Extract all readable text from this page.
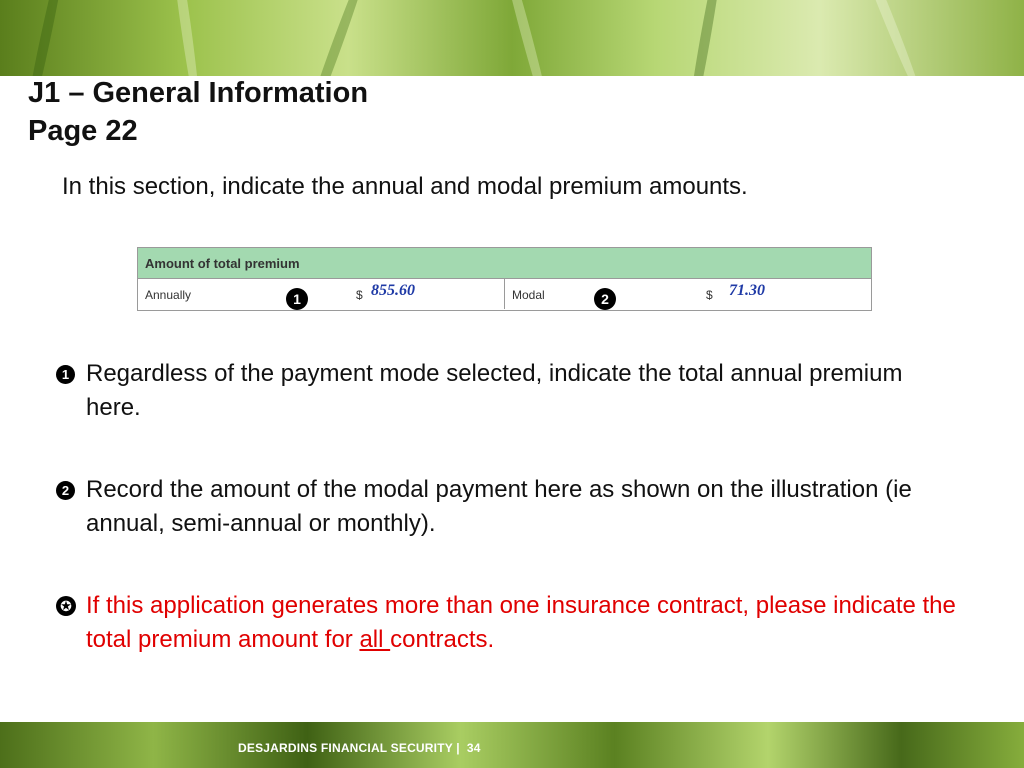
J1 – General Information
Page 22
In this section, indicate the annual and modal premium amounts.
Amount of total premium
Annually	$ 855.60	Modal	$ 71.30
1	2
1 Regardless of the payment mode selected, indicate the total annual premium here.
2 Record the amount of the modal payment here as shown on the illustration (ie annual, semi-annual or monthly).
✪ If this application generates more than one insurance contract, please indicate the total premium amount for all contracts.
DESJARDINS FINANCIAL SECURITY | 34
